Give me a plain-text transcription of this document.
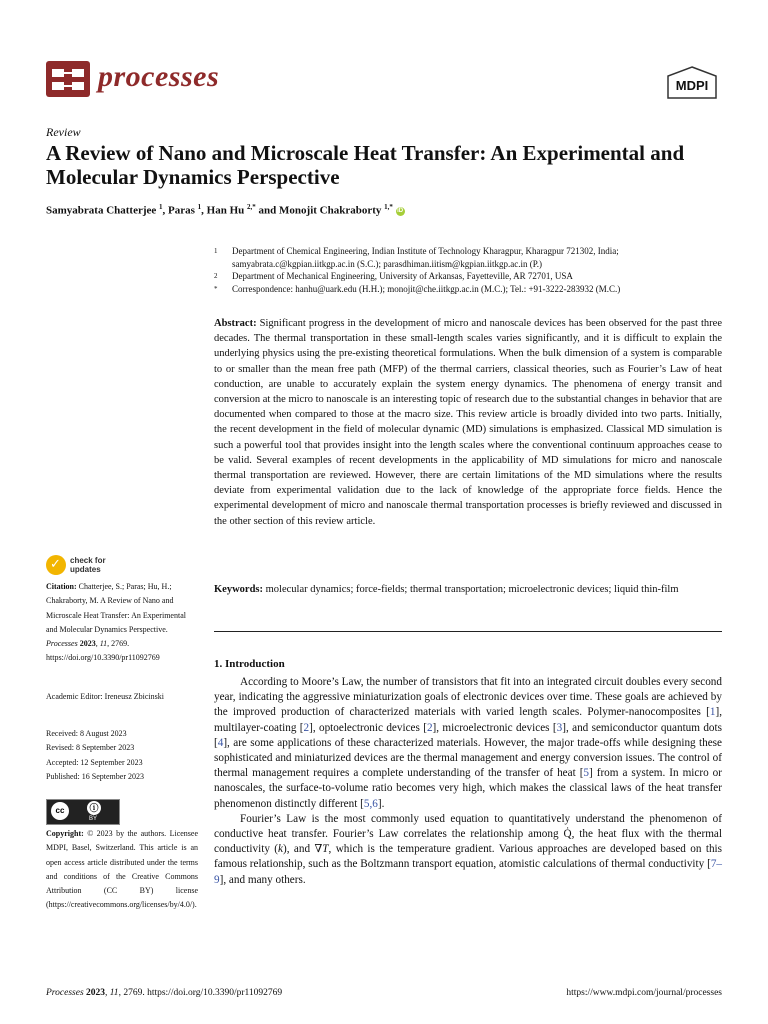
processes	MDPI
Review
A Review of Nano and Microscale Heat Transfer: An Experimental and Molecular Dynamics Perspective
Samyabrata Chatterjee $^1$, Paras $^1$, Han Hu $^{2,*}$ and Monojit Chakraborty $^{1,*}$ iD
1	Department of Chemical Engineering, Indian Institute of Technology Kharagpur, Kharagpur 721302, India; samyabrata.c@kgpian.iitkgp.ac.in (S.C.); parasdhiman.iitism@kgpian.iitkgp.ac.in (P.)
2	Department of Mechanical Engineering, University of Arkansas, Fayetteville, AR 72701, USA
*	Correspondence: hanhu@uark.edu (H.H.); monojit@che.iitkgp.ac.in (M.C.); Tel.: +91-3222-283932 (M.C.)
Abstract: Significant progress in the development of micro and nanoscale devices has been observed for the past three decades. The thermal transportation in these small-length scales varies significantly, and it is difficult to explain the underlying physics using the pre-existing theoretical formulations. When the bulk dimension of a system is comparable to or smaller than the mean free path (MFP) of the thermal carriers, classical theories, such as Fourier’s Law of heat conduction, are unable to accurately explain the system energy dynamics. The phenomena of energy transit and conversion at the micro to nanoscale is an interesting topic of research due to the substantial changes in behavior that are documented when compared to those at the macro size. This review article is broadly divided into two parts. Initially, the recent development in the field of molecular dynamic (MD) simulations is emphasized. Classical MD simulation is such a powerful tool that provides insight into the length scales where the conventional continuum approaches cease to be valid. Several examples of recent developments in the applicability of MD simulations for micro and nanoscale thermal transportation are reviewed. However, there are certain limitations of the MD simulations where the results deviate from experimental validation due to the lack of knowledge of the appropriate force fields. Hence the experimental development of micro and nanoscale thermal transportation processes is briefly reviewed and discussed in the other section of this review article.
Keywords: molecular dynamics; force-fields; thermal transportation; microelectronic devices; liquid thin-film
1. Introduction

According to Moore’s Law, the number of transistors that fit into an integrated circuit doubles every second year, indicating the aggressive miniaturization goals of electronic devices over time. These goals are achieved by the improved production of characterized materials with varied length scales. Polymer-nanocomposites [1], multilayer-coating [2], optoelectronic devices [2], microelectronic devices [3], and semiconductor quantum dots [4], are some applications of these characterized materials. However, the major trade-offs while designing these sophisticated and miniaturized devices are the thermal management and energy conversion issues. The control of thermal management requires a complete understanding of the transfer of heat [5] from a system. In micro or nanoscales, the surface-to-volume ratio becomes very high, which makes the classical laws of the heat transfer phenomenon distinctly different [5,6].

Fourier’s Law is the most commonly used equation to quantitatively understand the phenomenon of conductive heat transfer. Fourier’s Law correlates the relationship among Q̇, the heat flux with the thermal conductivity (k), and ∇T, which is the temperature gradient. Various approaches are developed based on this famous relationship, such as the Boltzmann transport equation, atomistic calculations of thermal conductivity [7–9], and many others.

✓ check for
updates
Citation: Chatterjee, S.; Paras; Hu, H.; Chakraborty, M. A Review of Nano and Microscale Heat Transfer: An Experimental and Molecular Dynamics Perspective. Processes 2023, 11, 2769. https://doi.org/10.3390/pr11092769
Academic Editor: Ireneusz Zbicinski
Received: 8 August 2023
Revised: 8 September 2023
Accepted: 12 September 2023
Published: 16 September 2023
cc	ⓘ
BY
Copyright: © 2023 by the authors. Licensee MDPI, Basel, Switzerland. This article is an open access article distributed under the terms and conditions of the Creative Commons Attribution (CC BY) license (https://creativecommons.org/licenses/by/4.0/).
Processes 2023, 11, 2769. https://doi.org/10.3390/pr11092769	https://www.mdpi.com/journal/processes
